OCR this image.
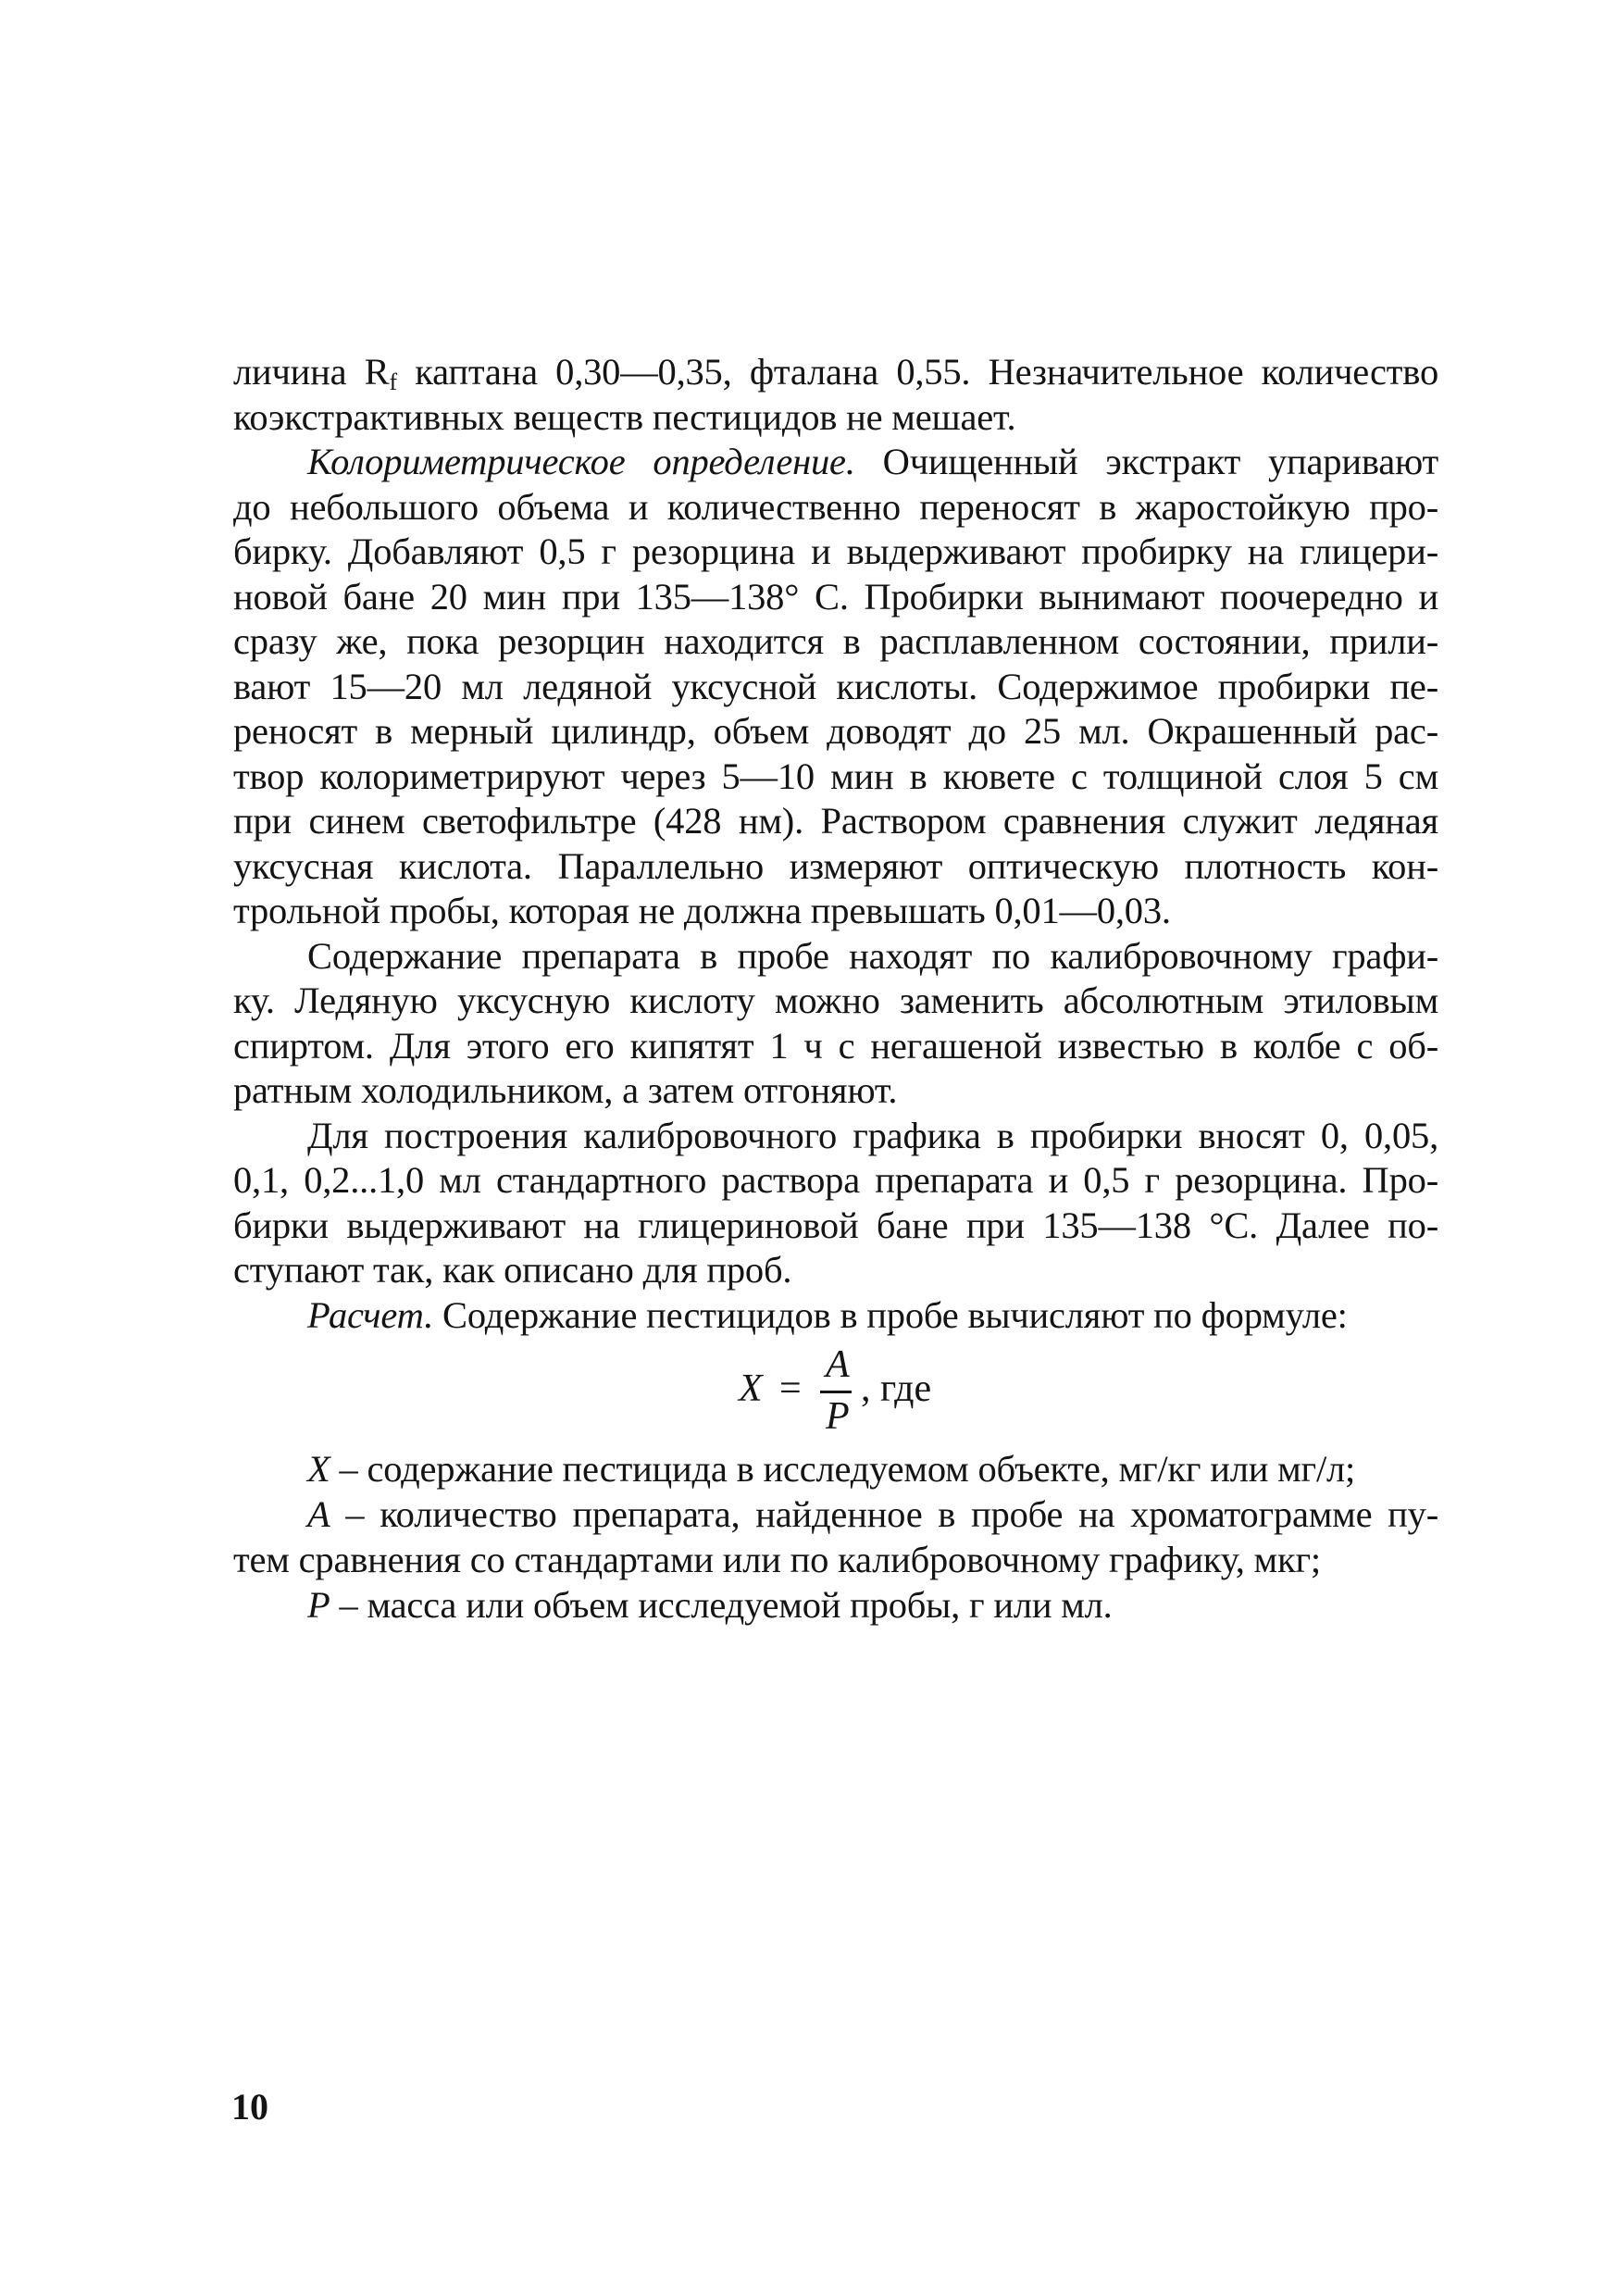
личина $R_f$ каптана 0,30—0,35, фталана 0,55. Незначительное количество
коэкстрактивных веществ пестицидов не мешает.
Колориметрическое определение. Очищенный экстракт упаривают
до небольшого объема и количественно переносят в жаростойкую про-
бирку. Добавляют 0,5 г резорцина и выдерживают пробирку на глицери-
новой бане 20 мин при 135—138° С. Пробирки вынимают поочередно и
сразу же, пока резорцин находится в расплавленном состоянии, прили-
вают 15—20 мл ледяной уксусной кислоты. Содержимое пробирки пе-
реносят в мерный цилиндр, объем доводят до 25 мл. Окрашенный рас-
твор колориметрируют через 5—10 мин в кювете с толщиной слоя 5 см
при синем светофильтре (428 нм). Раствором сравнения служит ледяная
уксусная кислота. Параллельно измеряют оптическую плотность кон-
трольной пробы, которая не должна превышать 0,01—0,03.
Содержание препарата в пробе находят по калибровочному графи-
ку. Ледяную уксусную кислоту можно заменить абсолютным этиловым
спиртом. Для этого его кипятят 1 ч с негашеной известью в колбе с об-
ратным холодильником, а затем отгоняют.
Для построения калибровочного графика в пробирки вносят 0, 0,05,
0,1, 0,2...1,0 мл стандартного раствора препарата и 0,5 г резорцина. Про-
бирки выдерживают на глицериновой бане при 135—138 °С. Далее по-
ступают так, как описано для проб.
Расчет. Содержание пестицидов в пробе вычисляют по формуле:
X =
A
P
, где
X – содержание пестицида в исследуемом объекте, мг/кг или мг/л;
A – количество препарата, найденное в пробе на хроматограмме пу-
тем сравнения со стандартами или по калибровочному графику, мкг;
P – масса или объем исследуемой пробы, г или мл.
10
